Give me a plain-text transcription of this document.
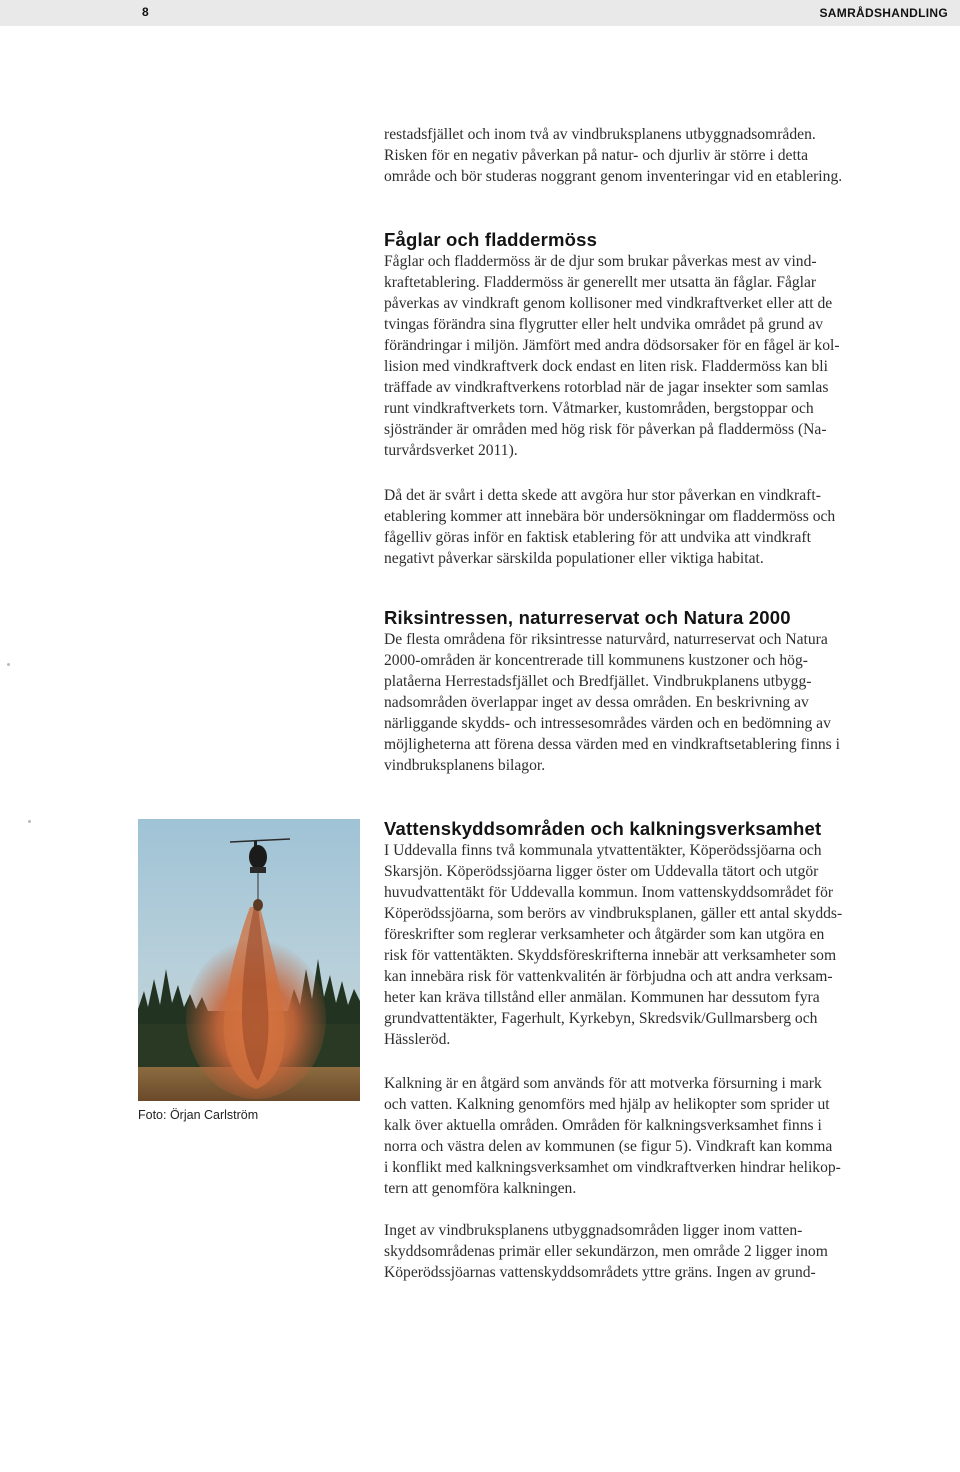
8	SAMRÅDSHANDLING
restadsfjället och inom två av vindbruksplanens utbyggnadsområden.
Risken för en negativ påverkan på natur- och djurliv är större i detta
område och bör studeras noggrant genom inventeringar vid en etablering.
Fåglar och fladdermöss
Fåglar och fladdermöss är de djur som brukar påverkas mest av vind-
kraftetablering. Fladdermöss är generellt mer utsatta än fåglar. Fåglar
påverkas av vindkraft genom kollisoner med vindkraftverket eller att de
tvingas förändra sina flygrutter eller helt undvika området på grund av
förändringar i miljön. Jämfört med andra dödsorsaker för en fågel är kol-
lision med vindkraftverk dock endast en liten risk. Fladdermöss kan bli
träffade av vindkraftverkens rotorblad när de jagar insekter som samlas
runt vindkraftverkets torn. Våtmarker, kustområden, bergstoppar och
sjöstränder är områden med hög risk för påverkan på fladdermöss (Na-
turvårdsverket 2011).
Då det är svårt i detta skede att avgöra hur stor påverkan en vindkraft-
etablering kommer att innebära bör undersökningar om fladdermöss och
fågelliv göras inför en faktisk etablering för att undvika att vindkraft
negativt påverkar särskilda populationer eller viktiga habitat.
Riksintressen, naturreservat och Natura 2000
De flesta områdena för riksintresse naturvård, naturreservat och Natura
2000-områden är koncentrerade till kommunens kustzoner och hög-
platåerna Herrestadsfjället och Bredfjället. Vindbrukplanens utbygg-
nadsområden överlappar inget av dessa områden. En beskrivning av
närliggande skydds- och intressesområdes värden och en bedömning av
möjligheterna att förena dessa värden med en vindkraftsetablering finns i
vindbruksplanens bilagor.
Vattenskyddsområden och kalkningsverksamhet
I Uddevalla finns två kommunala ytvattentäkter, Köperödssjöarna och
Skarsjön. Köperödssjöarna ligger öster om Uddevalla tätort och utgör
huvudvattentäkt för Uddevalla kommun. Inom vattenskyddsområdet för
Köperödssjöarna, som berörs av vindbruksplanen, gäller ett antal skydds-
föreskrifter som reglerar verksamheter och åtgärder som kan utgöra en
risk för vattentäkten. Skyddsföreskrifterna innebär att verksamheter som
kan innebära risk för vattenkvalitén är förbjudna och att andra verksam-
heter kan kräva tillstånd eller anmälan. Kommunen har dessutom fyra
grundvattentäkter, Fagerhult, Kyrkebyn, Skredsvik/Gullmarsberg och
Hässleröd.
Kalkning är en åtgärd som används för att motverka försurning i mark
och vatten. Kalkning genomförs med hjälp av helikopter som sprider ut
kalk över aktuella områden. Områden för kalkningsverksamhet finns i
norra och västra delen av kommunen (se figur 5). Vindkraft kan komma
i konflikt med kalkningsverksamhet om vindkraftverken hindrar helikop-
tern att genomföra kalkningen.
Inget av vindbruksplanens utbyggnadsområden ligger inom vatten-
skyddsområdenas primär eller sekundärzon, men område 2 ligger inom
Köperödssjöarnas vattenskyddsområdets yttre gräns. Ingen av grund-
Foto: Örjan Carlström
